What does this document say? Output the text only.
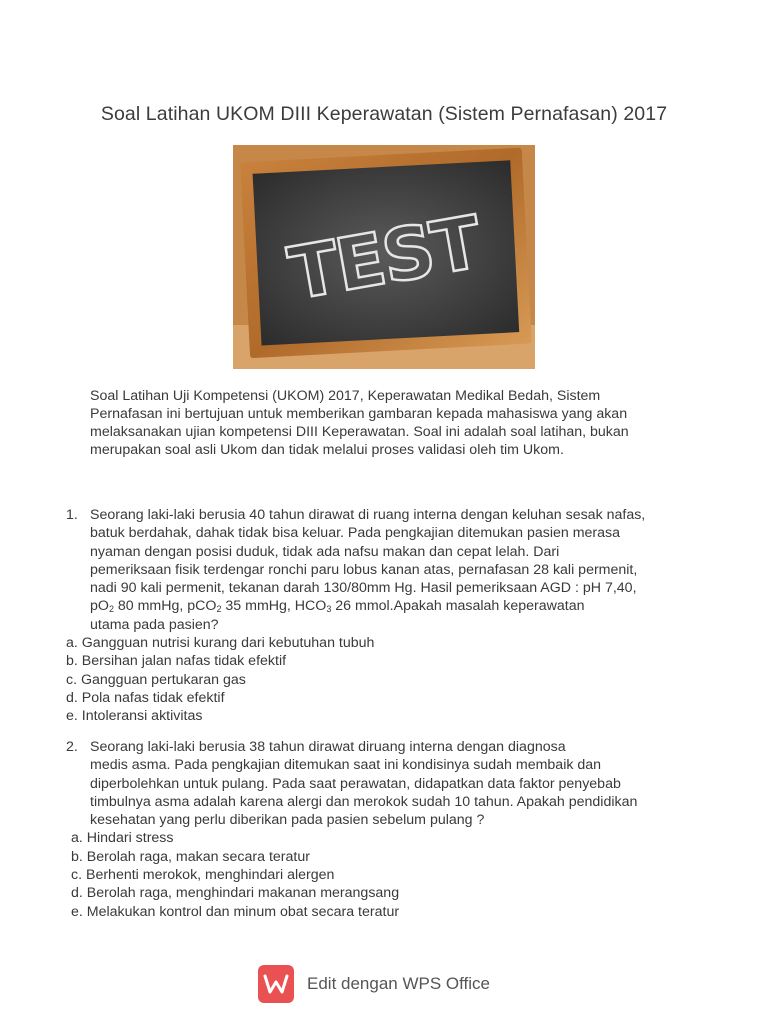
Soal Latihan UKOM DIII Keperawatan (Sistem Pernafasan) 2017
TEST

Soal Latihan Uji Kompetensi (UKOM) 2017, Keperawatan Medikal Bedah, Sistem

Pernafasan ini bertujuan untuk memberikan gambaran kepada mahasiswa yang akan

melaksanakan ujian kompetensi DIII Keperawatan. Soal ini adalah soal latihan, bukan

merupakan soal asli Ukom dan tidak melalui proses validasi oleh tim Ukom.

1. Seorang laki-laki berusia 40 tahun dirawat di ruang interna dengan keluhan sesak nafas,
batuk berdahak, dahak tidak bisa keluar. Pada pengkajian ditemukan pasien merasa
nyaman dengan posisi duduk, tidak ada nafsu makan dan cepat lelah. Dari
pemeriksaan fisik terdengar ronchi paru lobus kanan atas, pernafasan 28 kali permenit,
nadi 90 kali permenit, tekanan darah 130/80mm Hg. Hasil pemeriksaan AGD : pH 7,40,
$pO_2$ 80 mmHg, pCO$_2$ 35 mmHg, $HCO_3$ 26 mmol.Apakah masalah keperawatan
utama pada pasien?
a. Gangguan nutrisi kurang dari kebutuhan tubuh
b. Bersihan jalan nafas tidak efektif
c. Gangguan pertukaran gas
d. Pola nafas tidak efektif
e. Intoleransi aktivitas
2. Seorang laki-laki berusia 38 tahun dirawat diruang interna dengan diagnosa
medis asma. Pada pengkajian ditemukan saat ini kondisinya sudah membaik dan
diperbolehkan untuk pulang. Pada saat perawatan, didapatkan data faktor penyebab
timbulnya asma adalah karena alergi dan merokok sudah 10 tahun. Apakah pendidikan
kesehatan yang perlu diberikan pada pasien sebelum pulang ?
a. Hindari stress
b. Berolah raga, makan secara teratur
c. Berhenti merokok, menghindari alergen
d. Berolah raga, menghindari makanan merangsang
e. Melakukan kontrol dan minum obat secara teratur
Edit dengan WPS Office
